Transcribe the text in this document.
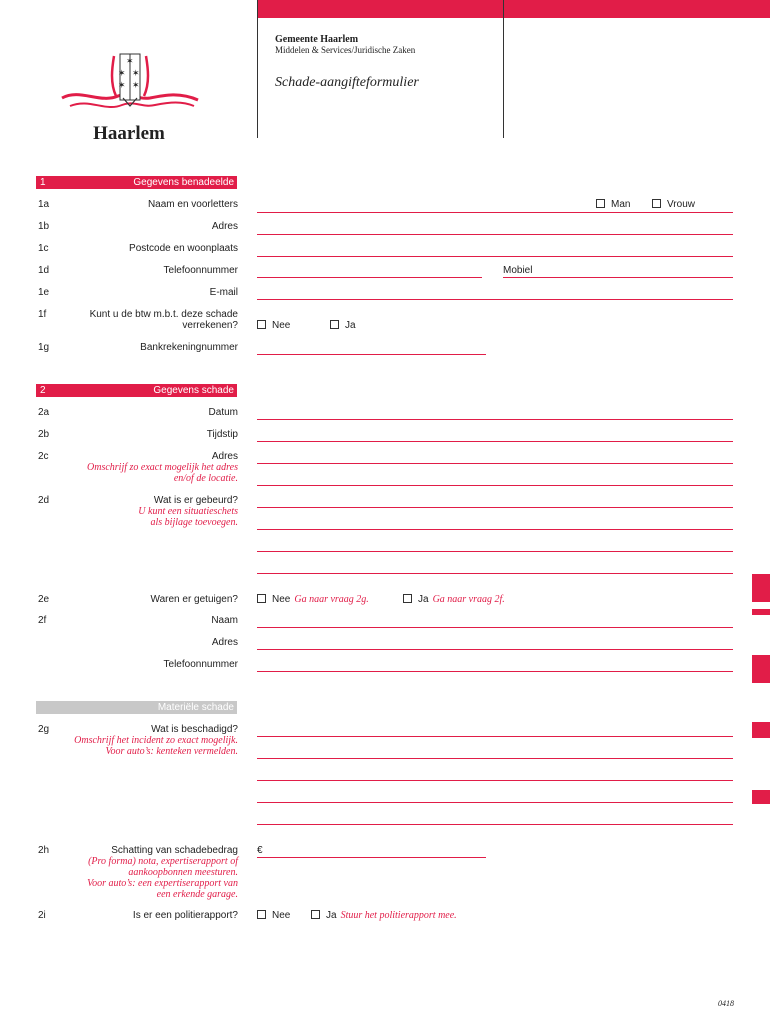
Gemeente Haarlem
Middelen & Services/Juridische Zaken
Schade-aangifteformulier
✶
✶ ✶
✶ ✶
Haarlem
1	Gegevens benadeelde
1a	Naam en voorletters	Man	Vrouw
1b	Adres
1c	Postcode en woonplaats
1d	Telefoonnummer	Mobiel
1e	E-mail
1f	Kunt u de btw m.b.t. deze schade
verrekenen?	Nee	Ja
1g	Bankrekeningnummer
2	Gegevens schade
2a	Datum
2b	Tijdstip
2c	Adres
Omschrijf zo exact mogelijk het adres
en/of de locatie.
2d	Wat is er gebeurd?
U kunt een situatieschets
als bijlage toevoegen.
2e	Waren er getuigen?	Nee Ga naar vraag 2g.	Ja Ga naar vraag 2f.
2f	Naam
Adres
Telefoonnummer
Materiële schade
2g	Wat is beschadigd?
Omschrijf het incident zo exact mogelijk.
Voor auto’s: kenteken vermelden.
2h	Schatting van schadebedrag
(Pro forma) nota, expertiserapport of
aankoopbonnen meesturen.
Voor auto’s: een expertiserapport van
een erkende garage.
€
2i	Is er een politierapport?	Nee	Ja Stuur het politierapport mee.
0418
